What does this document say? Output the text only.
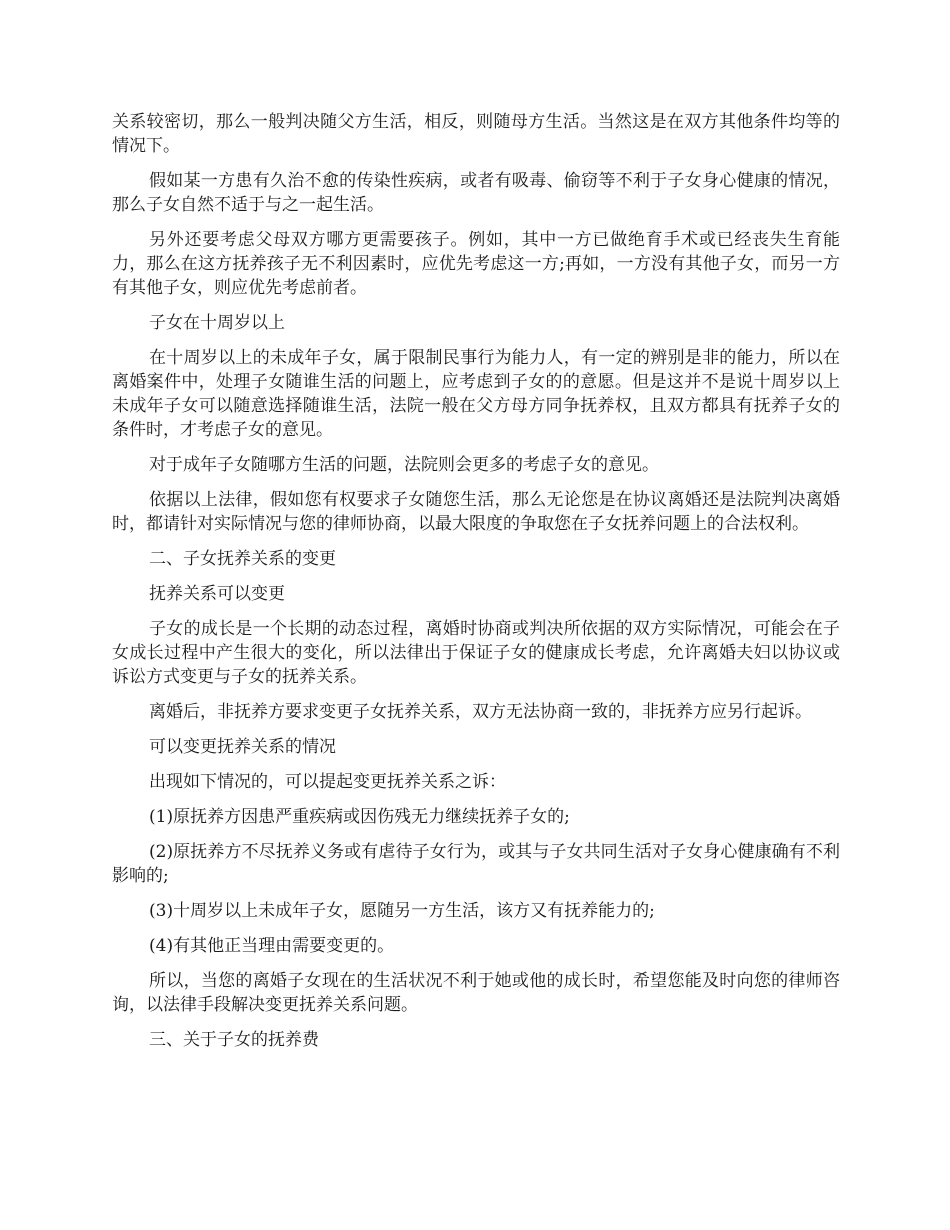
关系较密切，那么一般判决随父方生活，相反，则随母方生活。当然这是在双方其他条件均等的情况下。

假如某一方患有久治不愈的传染性疾病，或者有吸毒、偷窃等不利于子女身心健康的情况，那么子女自然不适于与之一起生活。

另外还要考虑父母双方哪方更需要孩子。例如，其中一方已做绝育手术或已经丧失生育能力，那么在这方抚养孩子无不利因素时，应优先考虑这一方;再如，一方没有其他子女，而另一方有其他子女，则应优先考虑前者。

子女在十周岁以上

在十周岁以上的未成年子女，属于限制民事行为能力人，有一定的辨别是非的能力，所以在离婚案件中，处理子女随谁生活的问题上，应考虑到子女的的意愿。但是这并不是说十周岁以上未成年子女可以随意选择随谁生活，法院一般在父方母方同争抚养权，且双方都具有抚养子女的条件时，才考虑子女的意见。

对于成年子女随哪方生活的问题，法院则会更多的考虑子女的意见。

依据以上法律，假如您有权要求子女随您生活，那么无论您是在协议离婚还是法院判决离婚时，都请针对实际情况与您的律师协商，以最大限度的争取您在子女抚养问题上的合法权利。

二、子女抚养关系的变更

抚养关系可以变更

子女的成长是一个长期的动态过程，离婚时协商或判决所依据的双方实际情况，可能会在子女成长过程中产生很大的变化，所以法律出于保证子女的健康成长考虑，允许离婚夫妇以协议或诉讼方式变更与子女的抚养关系。

离婚后，非抚养方要求变更子女抚养关系，双方无法协商一致的，非抚养方应另行起诉。

可以变更抚养关系的情况

出现如下情况的，可以提起变更抚养关系之诉：

(1)原抚养方因患严重疾病或因伤残无力继续抚养子女的;

(2)原抚养方不尽抚养义务或有虐待子女行为，或其与子女共同生活对子女身心健康确有不利影响的;

(3)十周岁以上未成年子女，愿随另一方生活，该方又有抚养能力的;

(4)有其他正当理由需要变更的。

所以，当您的离婚子女现在的生活状况不利于她或他的成长时，希望您能及时向您的律师咨询，以法律手段解决变更抚养关系问题。

三、关于子女的抚养费
